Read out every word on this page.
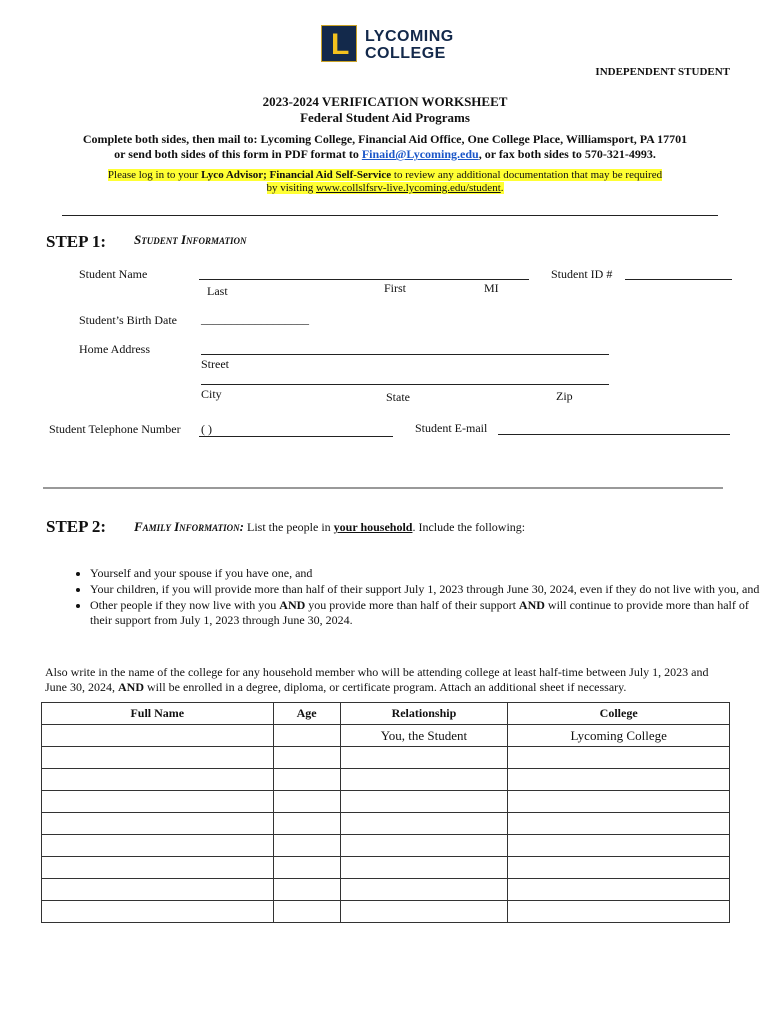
L LYCOMING
COLLEGE
INDEPENDENT STUDENT
2023-2024 VERIFICATION WORKSHEET
Federal Student Aid Programs
Complete both sides, then mail to: Lycoming College, Financial Aid Office, One College Place, Williamsport, PA 17701
or send both sides of this form in PDF format to Finaid@Lycoming.edu, or fax both sides to 570-321-4993.
Please log in to your Lyco Advisor; Financial Aid Self-Service to review any additional documentation that may be required
by visiting www.collslfsrv-live.lycoming.edu/student.
STEP 1: Student Information
Student Name
Last	First	MI
Student ID #
Student’s Birth Date __________________
Home Address
Street
City	State	Zip
Student Telephone Number ( )	Student E-mail
STEP 2: Family Information: List the people in your household. Include the following:
• Yourself and your spouse if you have one, and
• Your children, if you will provide more than half of their support July 1, 2023 through June 30, 2024, even if they do not live with you, and
• Other people if they now live with you AND you provide more than half of their support AND will continue to provide more than half of their support from July 1, 2023 through June 30, 2024.
Also write in the name of the college for any household member who will be attending college at least half-time between July 1, 2023 and June 30, 2024, AND will be enrolled in a degree, diploma, or certificate program. Attach an additional sheet if necessary.
Full Name	Age	Relationship	College
		You, the Student	Lycoming College
